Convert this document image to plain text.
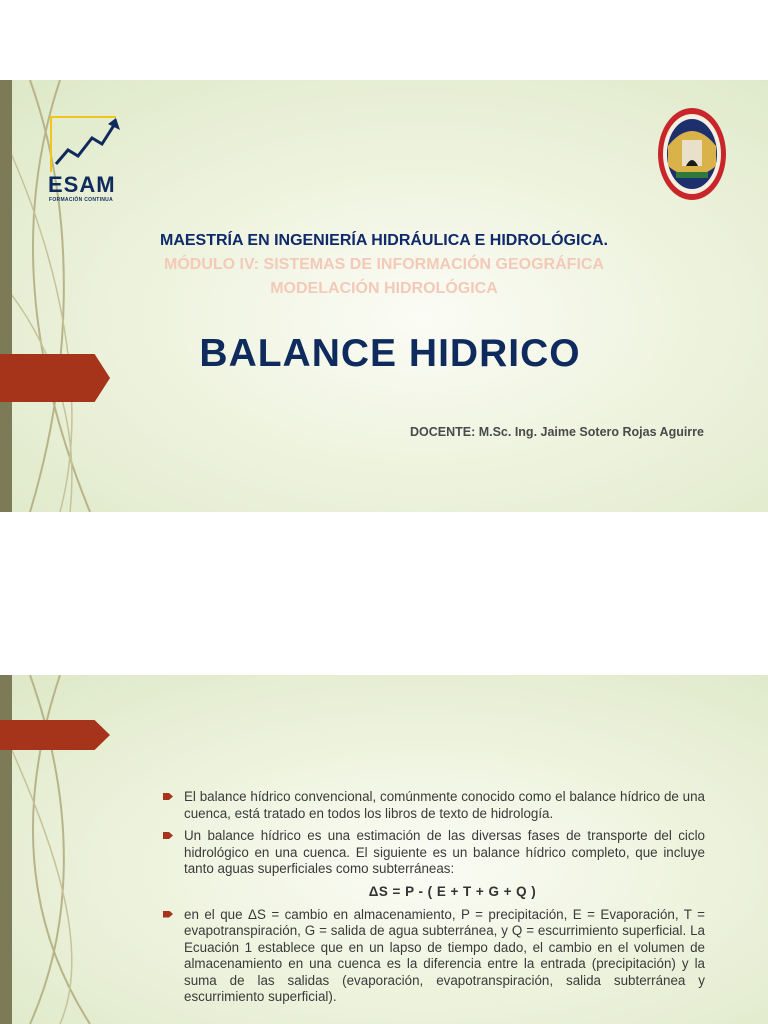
ESAM
FORMACIÓN CONTINUA
MAESTRÍA EN INGENIERÍA HIDRÁULICA E HIDROLÓGICA.
MÓDULO IV: SISTEMAS DE INFORMACIÓN GEOGRÁFICA
MODELACIÓN HIDROLÓGICA
BALANCE HIDRICO
DOCENTE: M.Sc. Ing. Jaime Sotero Rojas Aguirre
El balance hídrico convencional, comúnmente conocido como el balance hídrico de una cuenca, está tratado en todos los libros de texto de hidrología.
Un balance hídrico es una estimación de las diversas fases de transporte del ciclo hidrológico en una cuenca. El siguiente es un balance hídrico completo, que incluye tanto aguas superficiales como subterráneas:
ΔS = P - ( E + T + G + Q )
en el que ΔS = cambio en almacenamiento, P = precipitación, E = Evaporación, T = evapotranspiración, G = salida de agua subterránea, y Q = escurrimiento superficial. La Ecuación 1 establece que en un lapso de tiempo dado, el cambio en el volumen de almacenamiento en una cuenca es la diferencia entre la entrada (precipitación) y la suma de las salidas (evaporación, evapotranspiración, salida subterránea y escurrimiento superficial).
